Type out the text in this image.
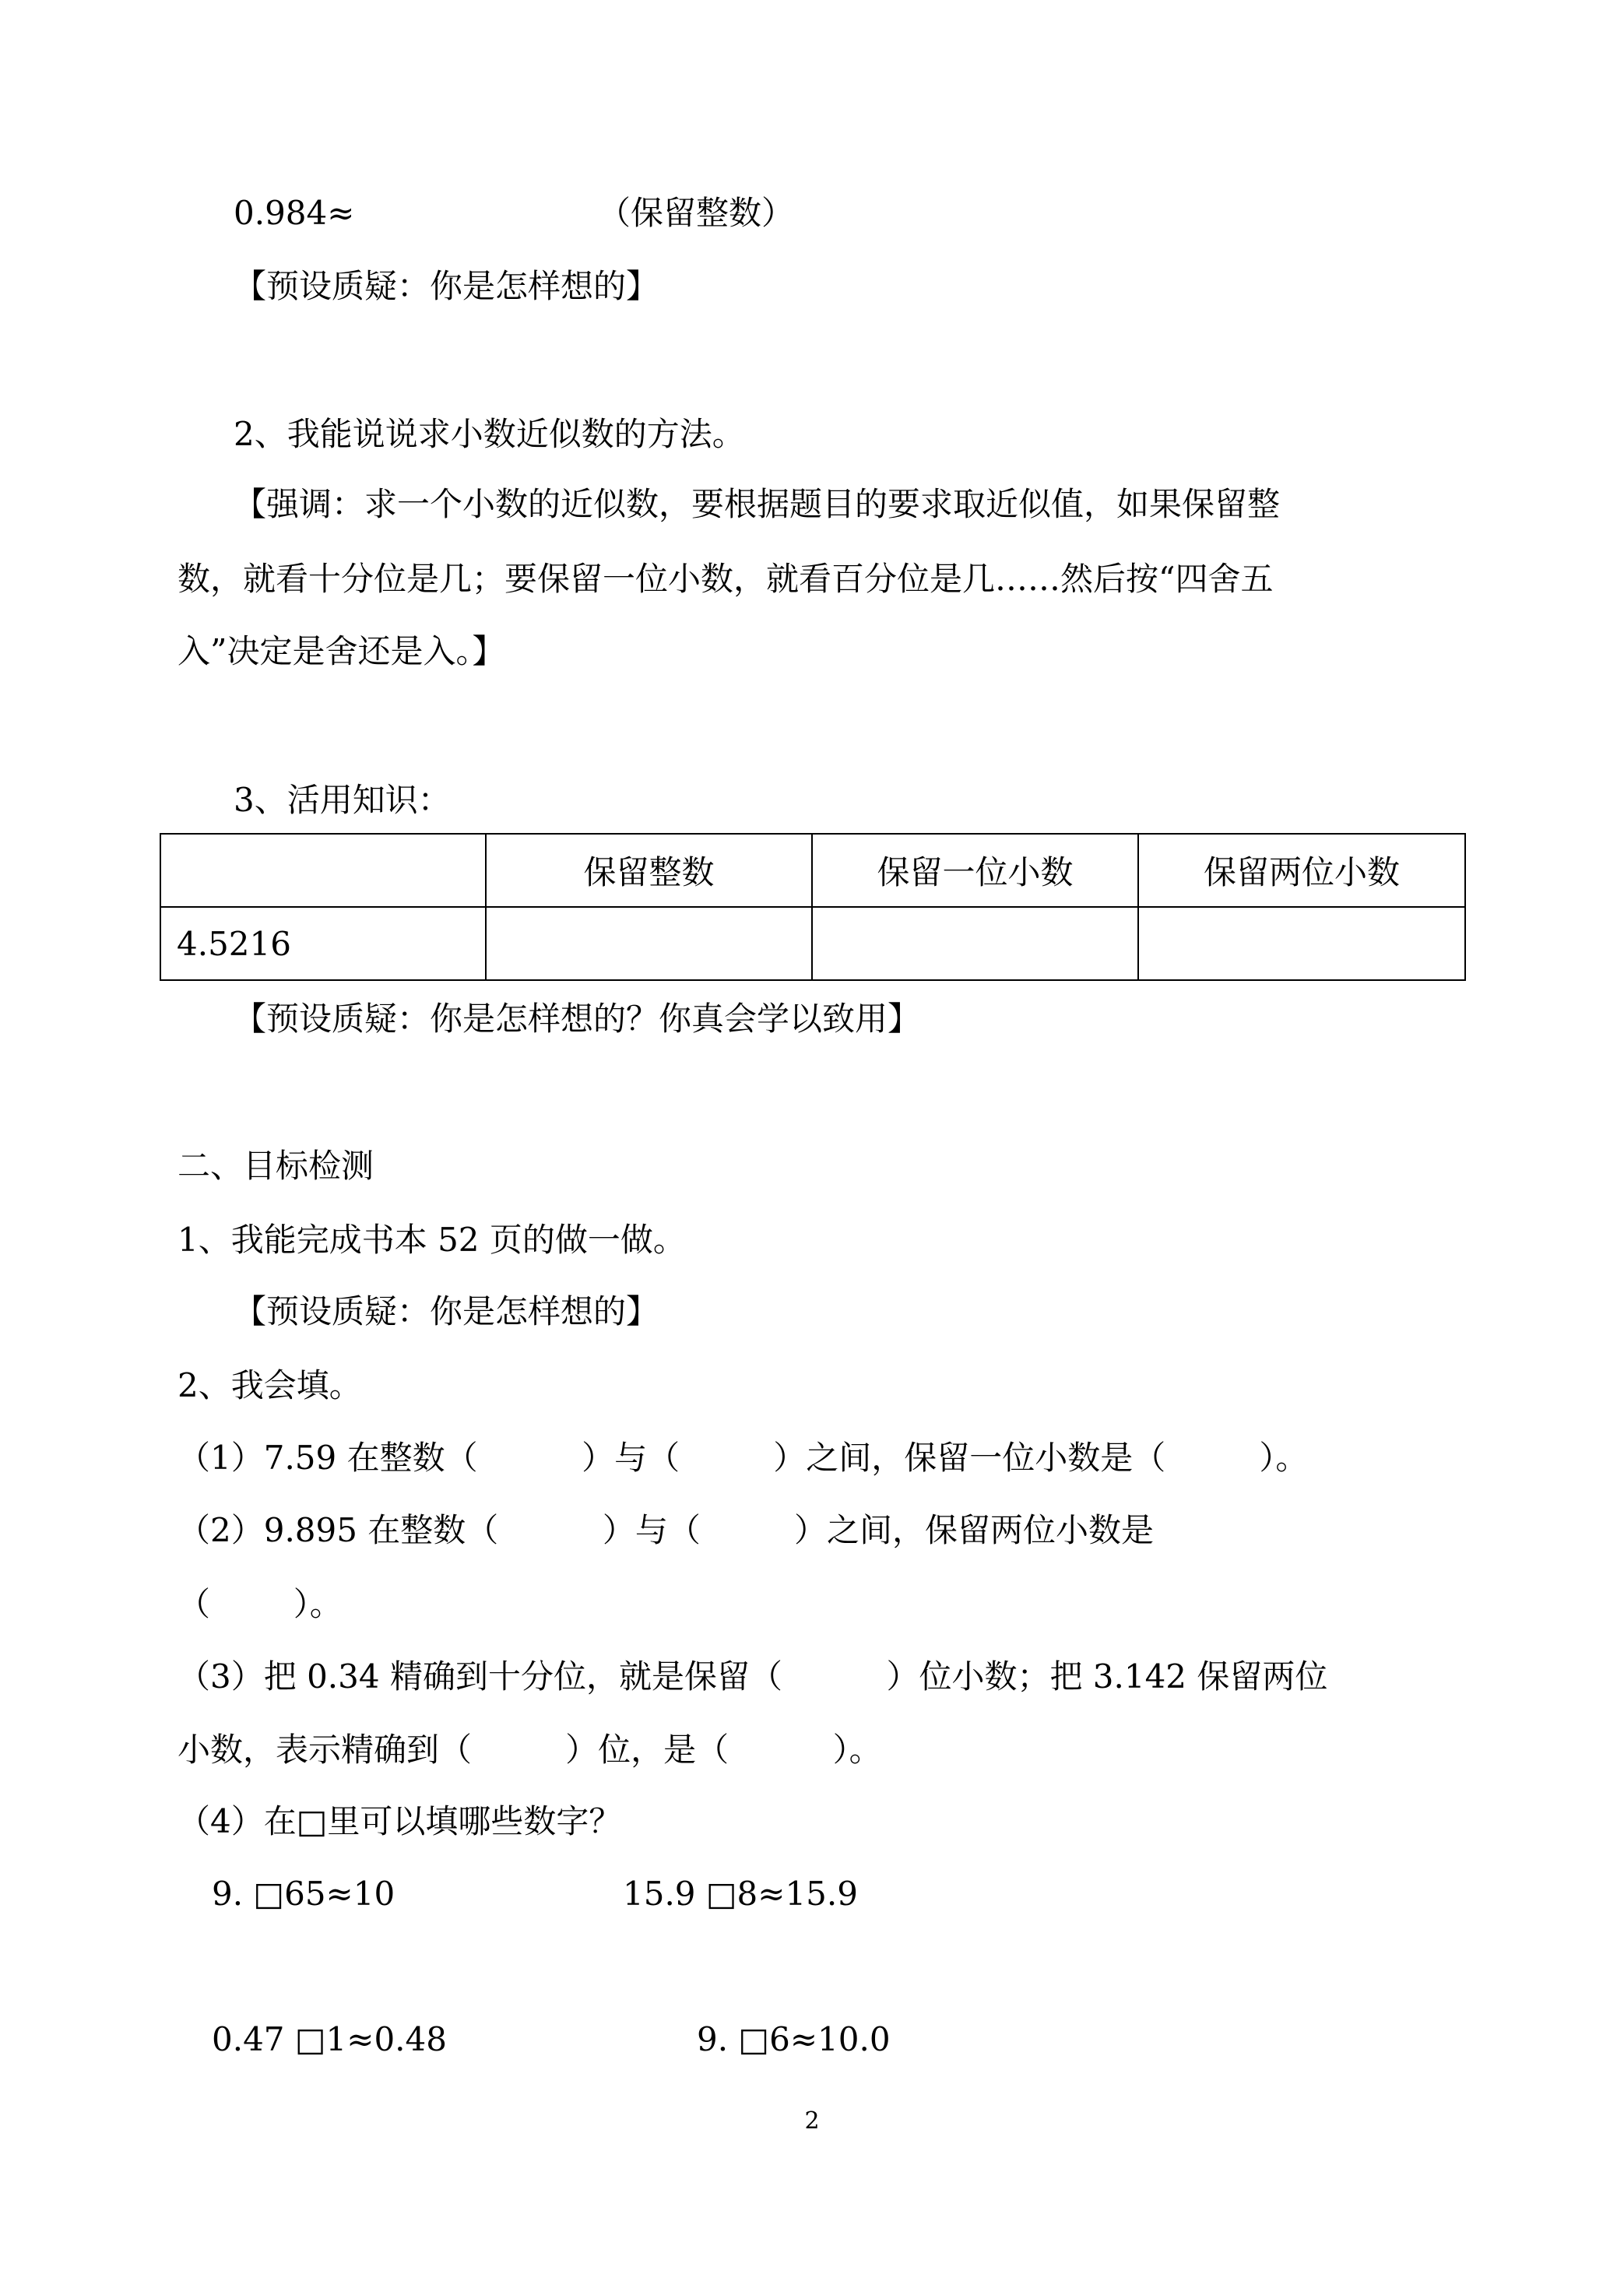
0.984≈	（保留整数）
【预设质疑：你是怎样想的】
2、我能说说求小数近似数的方法。
【强调：求一个小数的近似数，要根据题目的要求取近似值，如果保留整
数，就看十分位是几；要保留一位小数，就看百分位是几……然后按“四舍五
入”决定是舍还是入。】
3、活用知识：
	保留整数	保留一位小数	保留两位小数
4.5216			
【预设质疑：你是怎样想的？你真会学以致用】
二、目标检测
1、我能完成书本 52 页的做一做。
【预设质疑：你是怎样想的】
2、我会填。
（1）7.59 在整数（          ）与（         ）之间，保留一位小数是（         ）。
（2）9.895 在整数（          ）与（         ）之间，保留两位小数是
（        ）。
（3）把 0.34 精确到十分位，就是保留（          ）位小数；把 3.142 保留两位
小数，表示精确到（         ）位，是（          ）。
（4）在□里可以填哪些数字？
9. □65≈10	15.9 □8≈15.9
0.47 □1≈0.48	9. □6≈10.0
2
